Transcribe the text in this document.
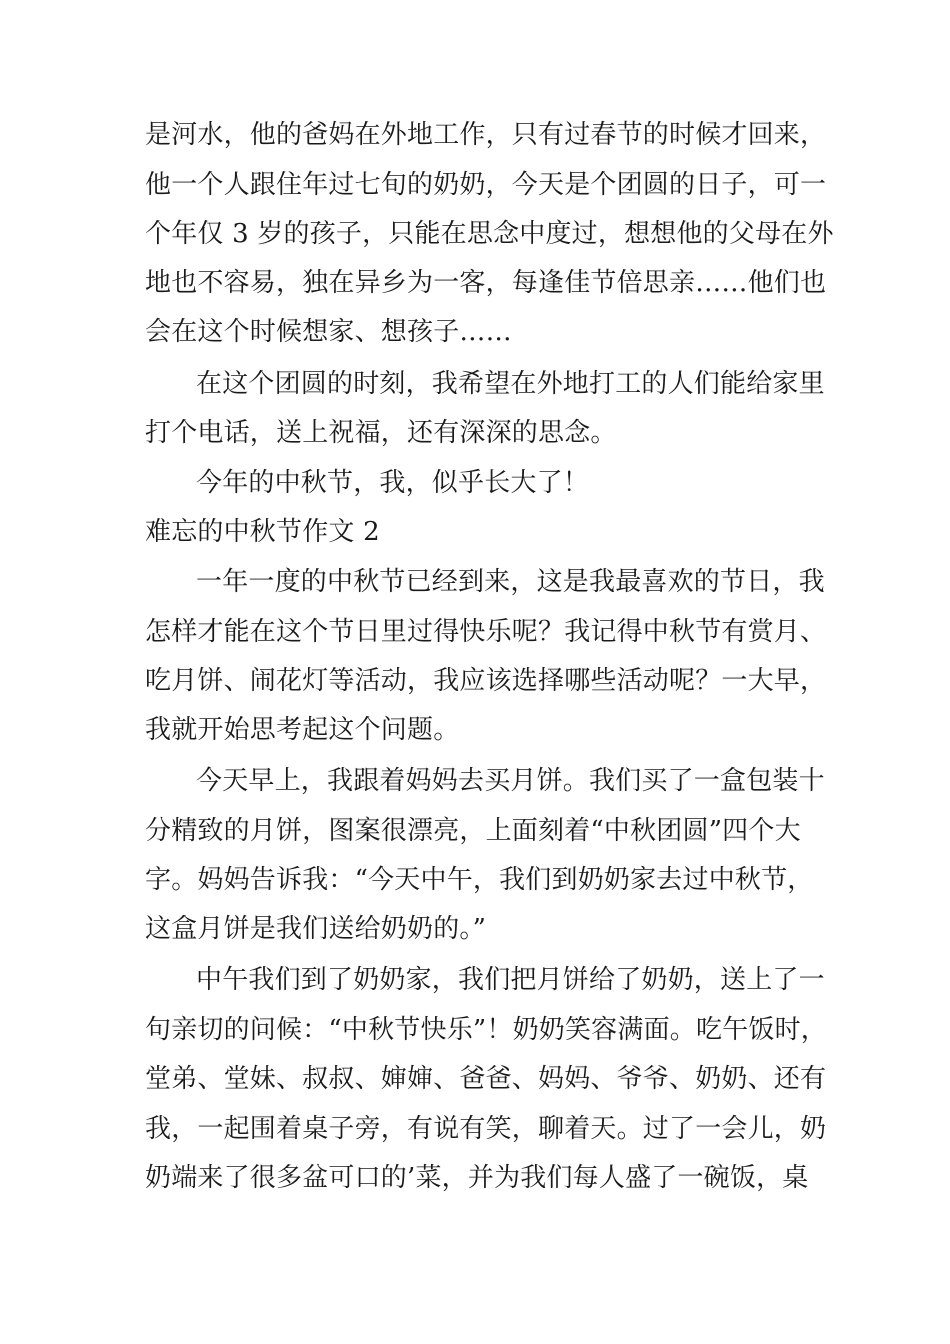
是河水，他的爸妈在外地工作，只有过春节的时候才回来，
他一个人跟住年过七旬的奶奶，今天是个团圆的日子，可一
个年仅 3 岁的孩子，只能在思念中度过，想想他的父母在外
地也不容易，独在异乡为一客，每逢佳节倍思亲……他们也
会在这个时候想家、想孩子……
在这个团圆的时刻，我希望在外地打工的人们能给家里
打个电话，送上祝福，还有深深的思念。
今年的中秋节，我，似乎长大了！
难忘的中秋节作文 2
一年一度的中秋节已经到来，这是我最喜欢的节日，我
怎样才能在这个节日里过得快乐呢？我记得中秋节有赏月、
吃月饼、闹花灯等活动，我应该选择哪些活动呢？一大早，
我就开始思考起这个问题。
今天早上，我跟着妈妈去买月饼。我们买了一盒包装十
分精致的月饼，图案很漂亮，上面刻着“中秋团圆”四个大
字。妈妈告诉我：“今天中午，我们到奶奶家去过中秋节，
这盒月饼是我们送给奶奶的。”
中午我们到了奶奶家，我们把月饼给了奶奶，送上了一
句亲切的问候：“中秋节快乐”！奶奶笑容满面。吃午饭时，
堂弟、堂妹、叔叔、婶婶、爸爸、妈妈、爷爷、奶奶、还有
我，一起围着桌子旁，有说有笑，聊着天。过了一会儿，奶
奶端来了很多盆可口的’菜，并为我们每人盛了一碗饭，桌
